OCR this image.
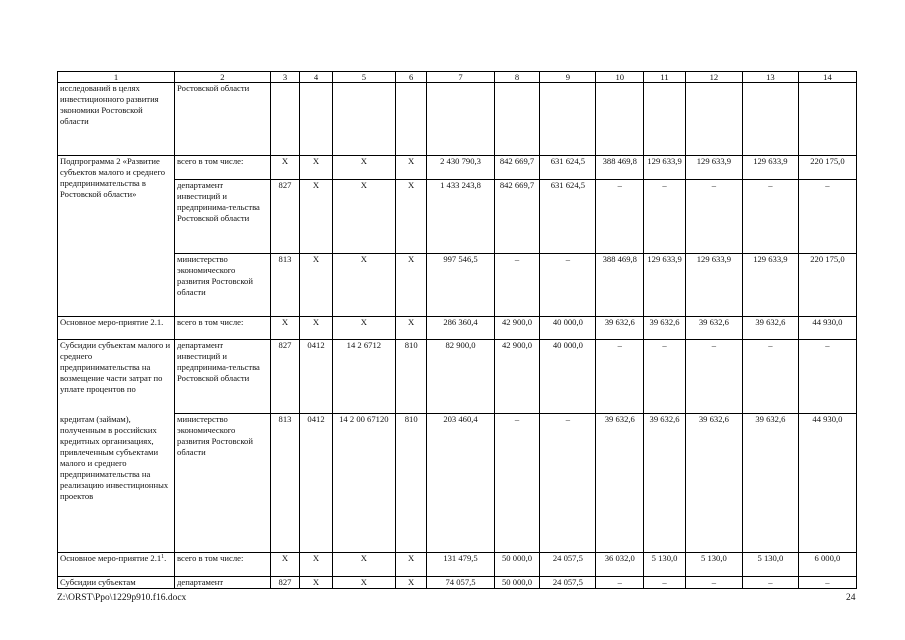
1	2	3	4	5	6	7	8	9	10	11	12	13	14
исследований в целях инвестиционного развития экономики Ростовской области	Ростовской области												
Подпрограмма 2 «Развитие субъектов малого и среднего предпринимательства в Ростовской области»	всего в том числе:	X	X	X	X	2 430 790,3	842 669,7	631 624,5	388 469,8	129 633,9	129 633,9	129 633,9	220 175,0
	департамент инвестиций и предпринима-тельства Ростовской области	827	X	X	X	1 433 243,8	842 669,7	631 624,5	–	–	–	–	–
	министерство экономического развития Ростовской области	813	X	X	X	997 546,5	–	–	388 469,8	129 633,9	129 633,9	129 633,9	220 175,0
Основное меро-приятие 2.1.	всего в том числе:	X	X	X	X	286 360,4	42 900,0	40 000,0	39 632,6	39 632,6	39 632,6	39 632,6	44 930,0
Субсидии субъектам малого и среднего предпринимательства на возмещение части затрат по уплате процентов по	департамент инвестиций и предпринима-тельства Ростовской области	827	0412	14 2 6712	810	82 900,0	42 900,0	40 000,0	–	–	–	–	–
кредитам (займам), полученным в российских кредитных организациях, привлеченным субъектами малого и среднего предпринимательства на реализацию инвестиционных проектов	министерство экономического развития Ростовской области	813	0412	14 2 00 67120	810	203 460,4	–	–	39 632,6	39 632,6	39 632,6	39 632,6	44 930,0
Основное меро-приятие $2.1^1$.	всего в том числе:	X	X	X	X	131 479,5	50 000,0	24 057,5	36 032,0	5 130,0	5 130,0	5 130,0	6 000,0
Субсидии субъектам	департамент	827	X	X	X	74 057,5	50 000,0	24 057,5	–	–	–	–	–
Z:\ORST\Ppo\1229p910.f16.docx	24
